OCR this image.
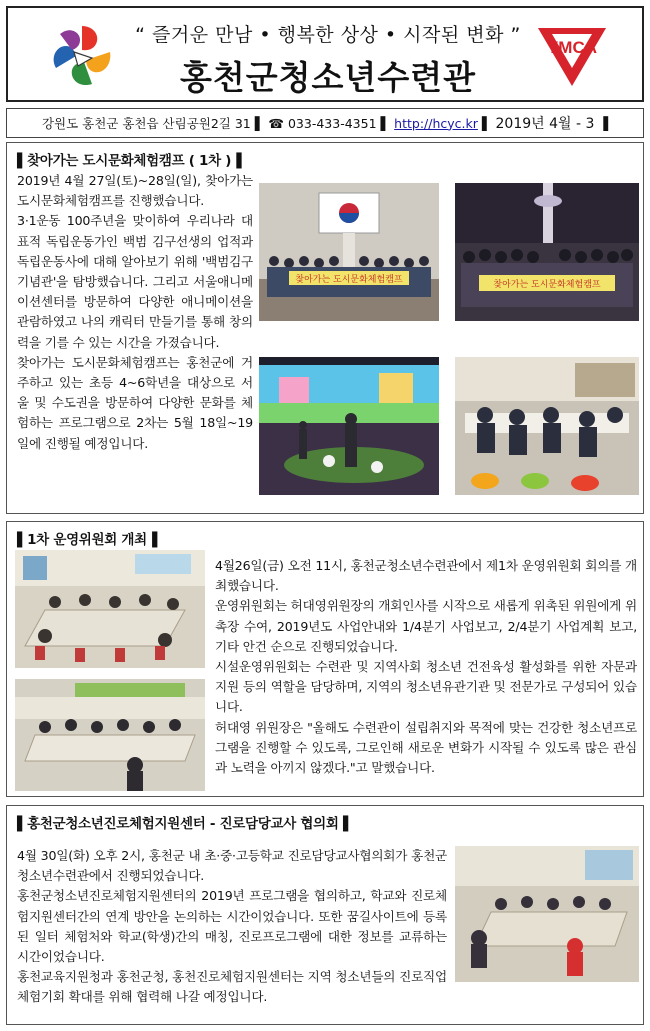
“ 즐거운 만남 • 행복한 상상 • 시작된 변화 ”
홍천군청소년수련관
YMCA
강원도 홍천군 홍천읍 산림공원2길 31 ▌ ☎ 033-433-4351 ▌ http://hcyc.kr ▌ 2019년 4월 - 3 ▐
▌찾아가는 도시문화체험캠프 ( 1차 )▐

2019년 4월 27일(토)~28일(일), 찾아가는 도시문화체험캠프를 진행했습니다.

3·1운동 100주년을 맞이하여 우리나라 대표적 독립운동가인 백범 김구선생의 업적과 독립운동사에 대해 알아보기 위해 '백범김구기념관'을 탐방했습니다. 그리고 서울애니메이션센터를 방문하여 다양한 애니메이션을 관람하였고 나의 캐릭터 만들기를 통해 창의력을 기를 수 있는 시간을 가졌습니다.

찾아가는 도시문화체험캠프는 홍천군에 거주하고 있는 초등 4~6학년을 대상으로 서울 및 수도권을 방문하여 다양한 문화를 체험하는 프로그램으로 2차는 5월 18일~19일에 진행될 예정입니다.

찾아가는 도시문화체험캠프	찾아가는 도시문화체험캠프
▌1차 운영위원회 개최▐

4월26일(금) 오전 11시, 홍천군청소년수련관에서 제1차 운영위원회 회의를 개최했습니다.

운영위원회는 허대영위원장의 개회인사를 시작으로 새롭게 위촉된 위원에게 위촉장 수여, 2019년도 사업안내와 1/4분기 사업보고, 2/4분기 사업계획 보고, 기타 안건 순으로 진행되었습니다.

시설운영위원회는 수련관 및 지역사회 청소년 건전육성 활성화를 위한 자문과 지원 등의 역할을 담당하며, 지역의 청소년유관기관 및 전문가로 구성되어 있습니다.

허대영 위원장은 "올해도 수련관이 설립취지와 목적에 맞는 건강한 청소년프로그램을 진행할 수 있도록, 그로인해 새로운 변화가 시작될 수 있도록 많은 관심과 노력을 아끼지 않겠다."고 말했습니다.

▌홍천군청소년진로체험지원센터 - 진로담당교사 협의회 ▌

4월 30일(화) 오후 2시, 홍천군 내 초·중·고등학교 진로담당교사협의회가 홍천군청소년수련관에서 진행되었습니다.

홍천군청소년진로체험지원센터의 2019년 프로그램을 협의하고, 학교와 진로체험지원센터간의 연계 방안을 논의하는 시간이었습니다. 또한 꿈길사이트에 등록된 일터 체험처와 학교(학생)간의 매칭, 진로프로그램에 대한 정보를 교류하는 시간이었습니다.

홍천교육지원청과 홍천군청, 홍천진로체험지원센터는 지역 청소년들의 진로직업체험기회 확대를 위해 협력해 나갈 예정입니다.
